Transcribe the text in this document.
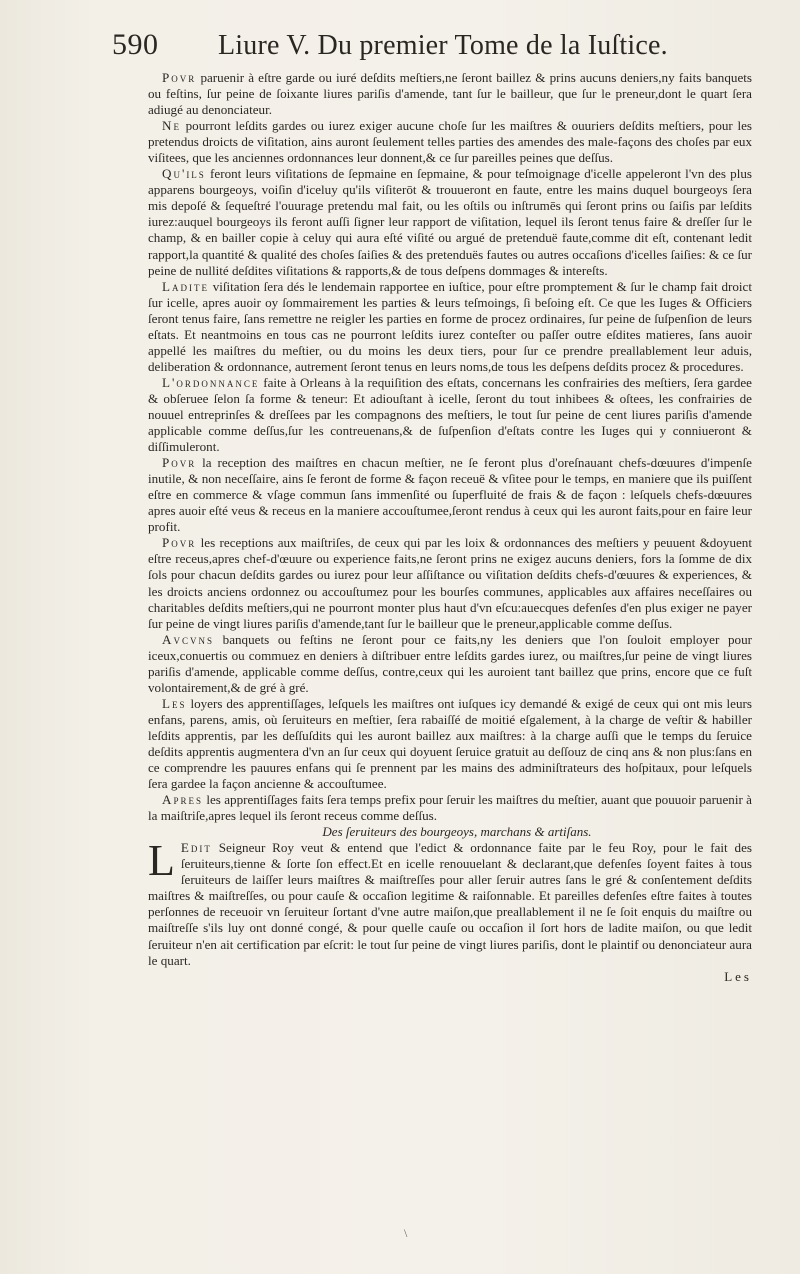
590 Liure V. Du premier Tome de la Iuſtice.

Povr paruenir à eſtre garde ou iuré deſdits meſtiers,ne ſeront baillez & prins aucuns deniers,ny faits banquets ou feſtins, ſur peine de ſoixante liures pariſis d'amende, tant ſur le bailleur, que ſur le preneur,dont le quart ſera adiugé au denonciateur.

Ne pourront leſdits gardes ou iurez exiger aucune choſe ſur les maiſtres & ouuriers deſdits meſtiers, pour les pretendus droicts de viſitation, ains auront ſeulement telles parties des amendes des male-façons des choſes par eux viſitees, que les anciennes ordonnances leur donnent,& ce ſur pareilles peines que deſſus.

Qu'ils feront leurs viſitations de ſepmaine en ſepmaine, & pour teſmoignage d'icelle appeleront l'vn des plus apparens bourgeoys, voiſin d'iceluy qu'ils viſiterōt & trouueront en faute, entre les mains duquel bourgeoys ſera mis depoſé & ſequeſtré l'ouurage pretendu mal fait, ou les oſtils ou inſtrumēs qui ſeront prins ou ſaiſis par leſdits iurez:auquel bourgeoys ils feront auſſi ſigner leur rapport de viſitation, lequel ils ſeront tenus faire & dreſſer ſur le champ, & en bailler copie à celuy qui aura eſté viſité ou argué de pretenduë faute,comme dit eſt, contenant ledit rapport,la quantité & qualité des choſes ſaiſies & des pretenduës fautes ou autres occaſions d'icelles ſaiſies: & ce ſur peine de nullité deſdites viſitations & rapports,& de tous deſpens dommages & intereſts.

Ladite viſitation ſera dés le lendemain rapportee en iuſtice, pour eſtre promptement & ſur le champ fait droict ſur icelle, apres auoir oy ſommairement les parties & leurs teſmoings, ſi beſoing eſt. Ce que les Iuges & Officiers ſeront tenus faire, ſans remettre ne reigler les parties en forme de procez ordinaires, ſur peine de ſuſpenſion de leurs eſtats. Et neantmoins en tous cas ne pourront leſdits iurez conteſter ou paſſer outre eſdites matieres, ſans auoir appellé les maiſtres du meſtier, ou du moins les deux tiers, pour ſur ce prendre preallablement leur aduis, deliberation & ordonnance, autrement ſeront tenus en leurs noms,de tous les deſpens deſdits procez & procedures.

L'ordonnance faite à Orleans à la requiſition des eſtats, concernans les confrairies des meſtiers, ſera gardee & obſeruee ſelon ſa forme & teneur: Et adiouſtant à icelle, ſeront du tout inhibees & oſtees, les confrairies de nouuel entreprinſes & dreſſees par les compagnons des meſtiers, le tout ſur peine de cent liures pariſis d'amende applicable comme deſſus,ſur les contreuenans,& de ſuſpenſion d'eſtats contre les Iuges qui y conniueront & diſſimuleront.

Povr la reception des maiſtres en chacun meſtier, ne ſe feront plus d'oreſnauant chefs-dœuures d'impenſe inutile, & non neceſſaire, ains ſe feront de forme & façon receuë & vſitee pour le temps, en maniere que ils puiſſent eſtre en commerce & vſage commun ſans immenſité ou ſuperfluité de frais & de façon : leſquels chefs-dœuures apres auoir eſté veus & receus en la maniere accouſtumee,ſeront rendus à ceux qui les auront faits,pour en faire leur profit.

Povr les receptions aux maiſtriſes, de ceux qui par les loix & ordonnances des meſtiers y peuuent &doyuent eſtre receus,apres chef-d'œuure ou experience faits,ne ſeront prins ne exigez aucuns deniers, fors la ſomme de dix ſols pour chacun deſdits gardes ou iurez pour leur aſſiſtance ou viſitation deſdits chefs-d'œuures & experiences, & les droicts anciens ordonnez ou accouſtumez pour les bourſes communes, applicables aux affaires neceſſaires ou charitables deſdits meſtiers,qui ne pourront monter plus haut d'vn eſcu:auecques defenſes d'en plus exiger ne payer ſur peine de vingt liures pariſis d'amende,tant ſur le bailleur que le preneur,applicable comme deſſus.

Avcvns banquets ou feſtins ne ſeront pour ce faits,ny les deniers que l'on ſouloit employer pour iceux,conuertis ou commuez en deniers à diſtribuer entre leſdits gardes iurez, ou maiſtres,ſur peine de vingt liures pariſis d'amende, applicable comme deſſus, contre,ceux qui les auroient tant baillez que prins, encore que ce fuſt volontairement,& de gré à gré.

Les loyers des apprentiſſages, leſquels les maiſtres ont iuſques icy demandé & exigé de ceux qui ont mis leurs enfans, parens, amis, où ſeruiteurs en meſtier, ſera rabaiſſé de moitié eſgalement, à la charge de veſtir & habiller leſdits apprentis, par les deſſuſdits qui les auront baillez aux maiſtres: à la charge auſſi que le temps du ſeruice deſdits apprentis augmentera d'vn an ſur ceux qui doyuent ſeruice gratuit au deſſouz de cinq ans & non plus:ſans en ce comprendre les pauures enfans qui ſe prennent par les mains des adminiſtrateurs des hoſpitaux, pour leſquels ſera gardee la façon ancienne & accouſtumee.

Apres les apprentiſſages faits ſera temps prefix pour ſeruir les maiſtres du meſtier, auant que pouuoir paruenir à la maiſtriſe,apres lequel ils ſeront receus comme deſſus.

Des ſeruiteurs des bourgeoys, marchans & artiſans.

L Edit Seigneur Roy veut & entend que l'edict & ordonnance faite par le feu Roy, pour le fait des ſeruiteurs,tienne & ſorte ſon effect.Et en icelle renouuelant & declarant,que defenſes ſoyent faites à tous ſeruiteurs de laiſſer leurs maiſtres & maiſtreſſes pour aller ſeruir autres ſans le gré & conſentement deſdits maiſtres & maiſtreſſes, ou pour cauſe & occaſion legitime & raiſonnable. Et pareilles defenſes eſtre faites à toutes perſonnes de receuoir vn ſeruiteur ſortant d'vne autre maiſon,que preallablement il ne ſe ſoit enquis du maiſtre ou maiſtreſſe s'ils luy ont donné congé, & pour quelle cauſe ou occaſion il ſort hors de ladite maiſon, ou que ledit ſeruiteur n'en ait certification par eſcrit: le tout ſur peine de vingt liures pariſis, dont le plaintif ou denonciateur aura le quart.

Les

\
